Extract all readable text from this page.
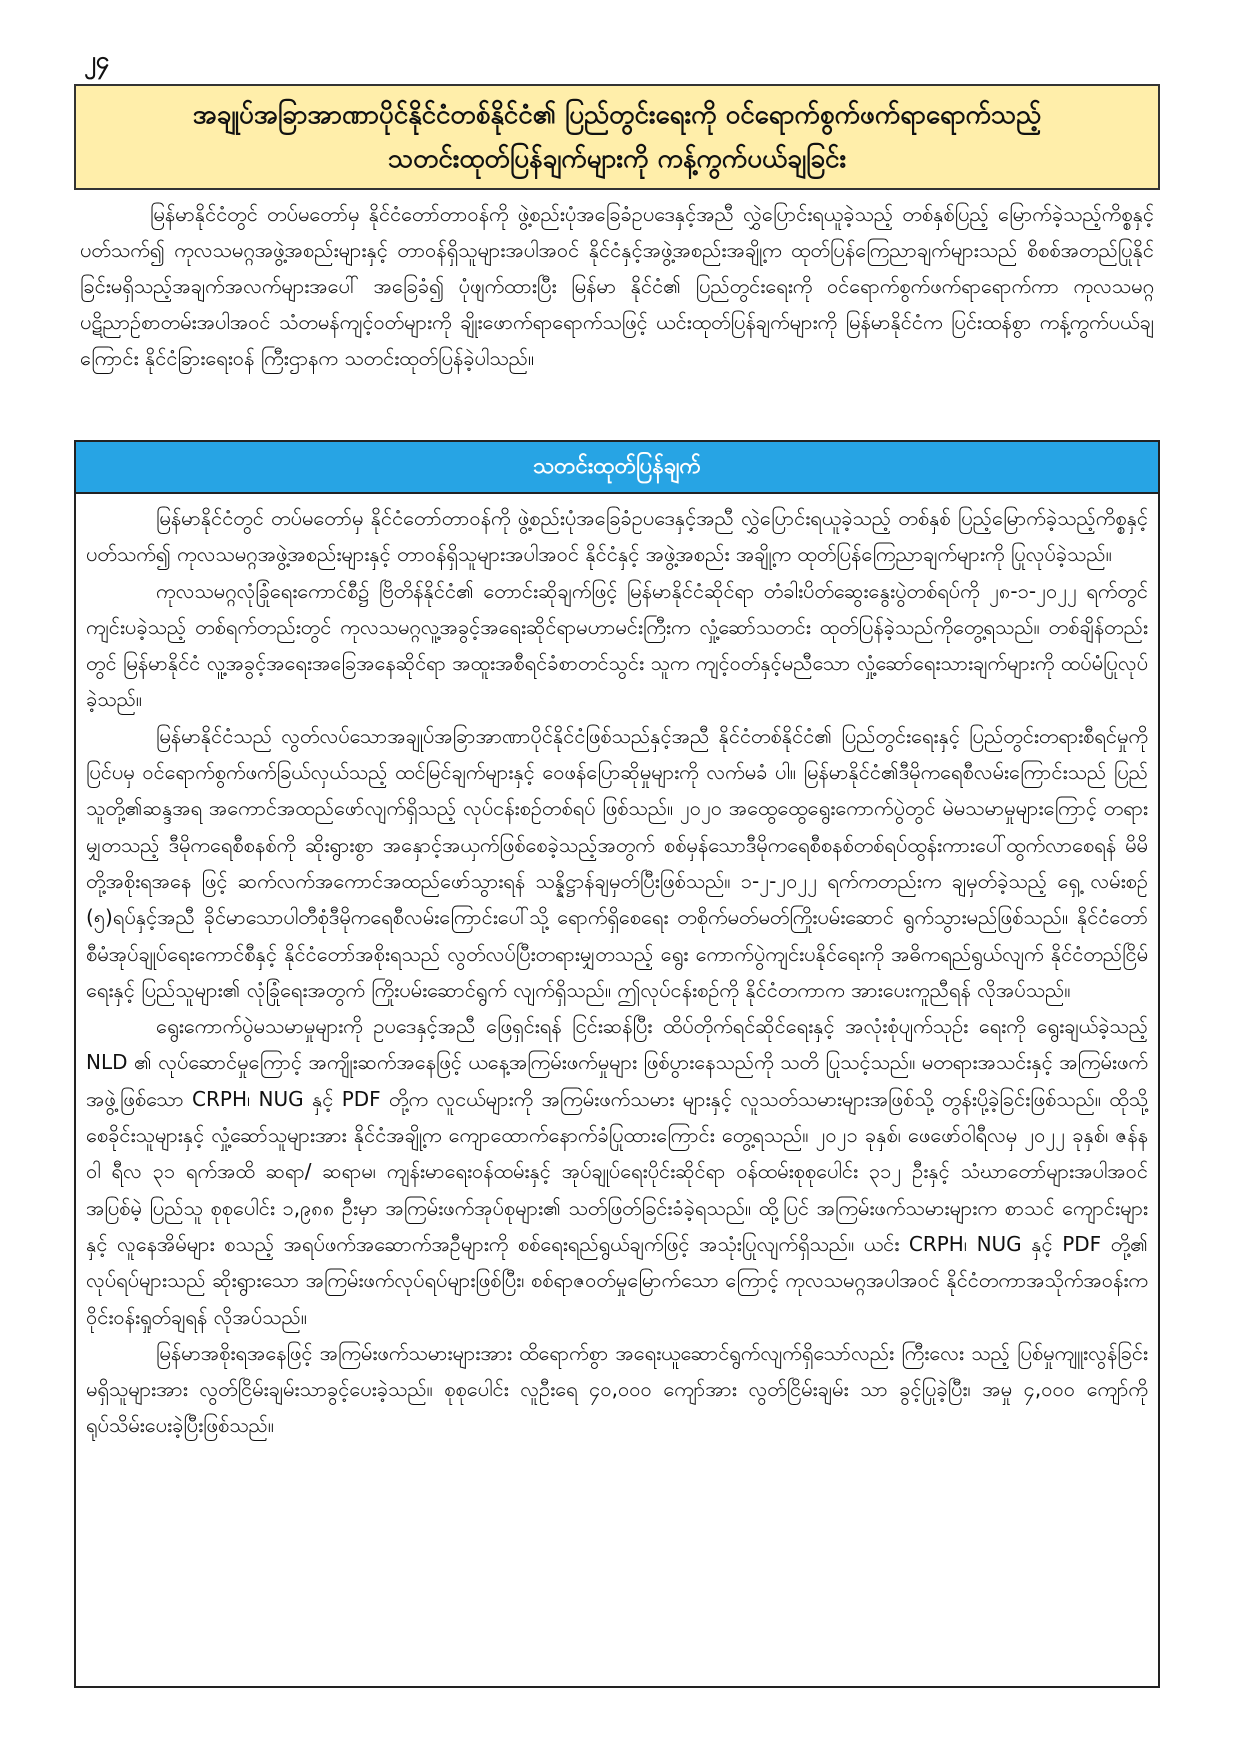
၂၄
အချုပ်အခြာအာဏာပိုင်နိုင်ငံတစ်နိုင်ငံ၏ ပြည်တွင်းရေးကို ဝင်ရောက်စွက်ဖက်ရာရောက်သည့်
သတင်းထုတ်ပြန်ချက်များကို ကန့်ကွက်ပယ်ချခြင်း

မြန်မာနိုင်ငံတွင် တပ်မတော်မှ နိုင်ငံတော်တာဝန်ကို ဖွဲ့စည်းပုံအခြေခံဥပဒေနှင့်အညီ လွှဲပြောင်းရယူခဲ့သည့် တစ်နှစ်ပြည့် မြောက်ခဲ့သည့်ကိစ္စနှင့်ပတ်သက်၍ ကုလသမဂ္ဂအဖွဲ့အစည်းများနှင့် တာဝန်ရှိသူများအပါအဝင် နိုင်ငံနှင့်အဖွဲ့အစည်းအချို့က ထုတ်ပြန်ကြေညာချက်များသည် စိစစ်အတည်ပြုနိုင်ခြင်းမရှိသည့်အချက်အလက်များအပေါ် အခြေခံ၍ ပုံဖျက်ထားပြီး မြန်မာ နိုင်ငံ၏ ပြည်တွင်းရေးကို ဝင်ရောက်စွက်ဖက်ရာရောက်ကာ ကုလသမဂ္ဂပဋိညာဉ်စာတမ်းအပါအဝင် သံတမန်ကျင့်ဝတ်များကို ချိုးဖောက်ရာရောက်သဖြင့် ယင်းထုတ်ပြန်ချက်များကို မြန်မာနိုင်ငံက ပြင်းထန်စွာ ကန့်ကွက်ပယ်ချကြောင်း နိုင်ငံခြားရေးဝန် ကြီးဌာနက သတင်းထုတ်ပြန်ခဲ့ပါသည်။

သတင်းထုတ်ပြန်ချက်

မြန်မာနိုင်ငံတွင် တပ်မတော်မှ နိုင်ငံတော်တာဝန်ကို ဖွဲ့စည်းပုံအခြေခံဥပဒေနှင့်အညီ လွှဲပြောင်းရယူခဲ့သည့် တစ်နှစ် ပြည့်မြောက်ခဲ့သည့်ကိစ္စနှင့်ပတ်သက်၍ ကုလသမဂ္ဂအဖွဲ့အစည်းများနှင့် တာဝန်ရှိသူများအပါအဝင် နိုင်ငံနှင့် အဖွဲ့အစည်း အချို့က ထုတ်ပြန်ကြေညာချက်များကို ပြုလုပ်ခဲ့သည်။

ကုလသမဂ္ဂလုံခြုံရေးကောင်စီ၌ ဗြိတိန်နိုင်ငံ၏ တောင်းဆိုချက်ဖြင့် မြန်မာနိုင်ငံဆိုင်ရာ တံခါးပိတ်ဆွေးနွေးပွဲတစ်ရပ်ကို ၂၈-၁-၂၀၂၂ ရက်တွင် ကျင်းပခဲ့သည့် တစ်ရက်တည်းတွင် ကုလသမဂ္ဂလူ့အခွင့်အရေးဆိုင်ရာမဟာမင်းကြီးက လှုံ့ဆော်သတင်း ထုတ်ပြန်ခဲ့သည်ကိုတွေ့ရသည်။ တစ်ချိန်တည်းတွင် မြန်မာနိုင်ငံ လူ့အခွင့်အရေးအခြေအနေဆိုင်ရာ အထူးအစီရင်ခံစာတင်သွင်း သူက ကျင့်ဝတ်နှင့်မညီသော လှုံ့ဆော်ရေးသားချက်များကို ထပ်မံပြုလုပ်ခဲ့သည်။

မြန်မာနိုင်ငံသည် လွတ်လပ်သောအချုပ်အခြာအာဏာပိုင်နိုင်ငံဖြစ်သည်နှင့်အညီ နိုင်ငံတစ်နိုင်ငံ၏ ပြည်တွင်းရေးနှင့် ပြည်တွင်းတရားစီရင်မှုကို ပြင်ပမှ ဝင်ရောက်စွက်ဖက်ခြယ်လှယ်သည့် ထင်မြင်ချက်များနှင့် ဝေဖန်ပြောဆိုမှုများကို လက်မခံ ပါ။ မြန်မာနိုင်ငံ၏ဒီမိုကရေစီလမ်းကြောင်းသည် ပြည်သူတို့၏ဆန္ဒအရ အကောင်အထည်ဖော်လျက်ရှိသည့် လုပ်ငန်းစဉ်တစ်ရပ် ဖြစ်သည်။ ၂၀၂၀ အထွေထွေရွေးကောက်ပွဲတွင် မဲမသမာမှုများကြောင့် တရားမျှတသည့် ဒီမိုကရေစီစနစ်ကို ဆိုးရွားစွာ အနှောင့်အယှက်ဖြစ်စေခဲ့သည့်အတွက် စစ်မှန်သောဒီမိုကရေစီစနစ်တစ်ရပ်ထွန်းကားပေါ်ထွက်လာစေရန် မိမိတို့အစိုးရအနေ ဖြင့် ဆက်လက်အကောင်အထည်ဖော်သွားရန် သန္နိဋ္ဌာန်ချမှတ်ပြီးဖြစ်သည်။ ၁-၂-၂၀၂၂ ရက်ကတည်းက ချမှတ်ခဲ့သည့် ရှေ့ လမ်းစဉ် (၅)ရပ်နှင့်အညီ ခိုင်မာသောပါတီစုံဒီမိုကရေစီလမ်းကြောင်းပေါ်သို့ ရောက်ရှိစေရေး တစိုက်မတ်မတ်ကြိုးပမ်းဆောင် ရွက်သွားမည်ဖြစ်သည်။ နိုင်ငံတော်စီမံအုပ်ချုပ်ရေးကောင်စီနှင့် နိုင်ငံတော်အစိုးရသည် လွတ်လပ်ပြီးတရားမျှတသည့် ရွေး ကောက်ပွဲကျင်းပနိုင်ရေးကို အဓိကရည်ရွယ်လျက် နိုင်ငံတည်ငြိမ်ရေးနှင့် ပြည်သူများ၏ လုံခြုံရေးအတွက် ကြိုးပမ်းဆောင်ရွက် လျက်ရှိသည်။ ဤလုပ်ငန်းစဉ်ကို နိုင်ငံတကာက အားပေးကူညီရန် လိုအပ်သည်။

ရွေးကောက်ပွဲမသမာမှုများကို ဥပဒေနှင့်အညီ ဖြေရှင်းရန် ငြင်းဆန်ပြီး ထိပ်တိုက်ရင်ဆိုင်ရေးနှင့် အလုံးစုံပျက်သုဉ်း ရေးကို ရွေးချယ်ခဲ့သည့် NLD ၏ လုပ်ဆောင်မှုကြောင့် အကျိုးဆက်အနေဖြင့် ယနေ့အကြမ်းဖက်မှုများ ဖြစ်ပွားနေသည်ကို သတိ ပြုသင့်သည်။ မတရားအသင်းနှင့် အကြမ်းဖက်အဖွဲ့ဖြစ်သော CRPH၊ NUG နှင့် PDF တို့က လူငယ်များကို အကြမ်းဖက်သမား များနှင့် လူသတ်သမားများအဖြစ်သို့ တွန်းပို့ခဲ့ခြင်းဖြစ်သည်။ ထိုသို့ စေခိုင်းသူများနှင့် လှုံ့ဆော်သူများအား နိုင်ငံအချို့က ကျောထောက်နောက်ခံပြုထားကြောင်း တွေ့ရသည်။ ၂၀၂၁ ခုနှစ်၊ ဖေဖော်ဝါရီလမှ ၂၀၂၂ ခုနှစ်၊ ဇန်နဝါ ရီလ ၃၁ ရက်အထိ ဆရာ/ ဆရာမ၊ ကျန်းမာရေးဝန်ထမ်းနှင့် အုပ်ချုပ်ရေးပိုင်းဆိုင်ရာ ဝန်ထမ်းစုစုပေါင်း ၃၁၂ ဦးနှင့် သံဃာတော်များအပါအဝင် အပြစ်မဲ့ ပြည်သူ စုစုပေါင်း ၁,၉၈၈ ဦးမှာ အကြမ်းဖက်အုပ်စုများ၏ သတ်ဖြတ်ခြင်းခံခဲ့ရသည်။ ထို့ပြင် အကြမ်းဖက်သမားများက စာသင် ကျောင်းများနှင့် လူနေအိမ်များ စသည့် အရပ်ဖက်အဆောက်အဦများကို စစ်ရေးရည်ရွယ်ချက်ဖြင့် အသုံးပြုလျက်ရှိသည်။ ယင်း CRPH၊ NUG နှင့် PDF တို့၏ လုပ်ရပ်များသည် ဆိုးရွားသော အကြမ်းဖက်လုပ်ရပ်များဖြစ်ပြီး၊ စစ်ရာဇဝတ်မှုမြောက်သော ကြောင့် ကုလသမဂ္ဂအပါအဝင် နိုင်ငံတကာအသိုက်အဝန်းက ဝိုင်းဝန်းရှုတ်ချရန် လိုအပ်သည်။

မြန်မာအစိုးရအနေဖြင့် အကြမ်းဖက်သမားများအား ထိရောက်စွာ အရေးယူဆောင်ရွက်လျက်ရှိသော်လည်း ကြီးလေး သည့် ပြစ်မှုကျူးလွန်ခြင်းမရှိသူများအား လွတ်ငြိမ်းချမ်းသာခွင့်ပေးခဲ့သည်။ စုစုပေါင်း လူဦးရေ ၄၀,၀၀၀ ကျော်အား လွတ်ငြိမ်းချမ်း သာ ခွင့်ပြုခဲ့ပြီး၊ အမှု ၄,၀၀၀ ကျော်ကို ရုပ်သိမ်းပေးခဲ့ပြီးဖြစ်သည်။
